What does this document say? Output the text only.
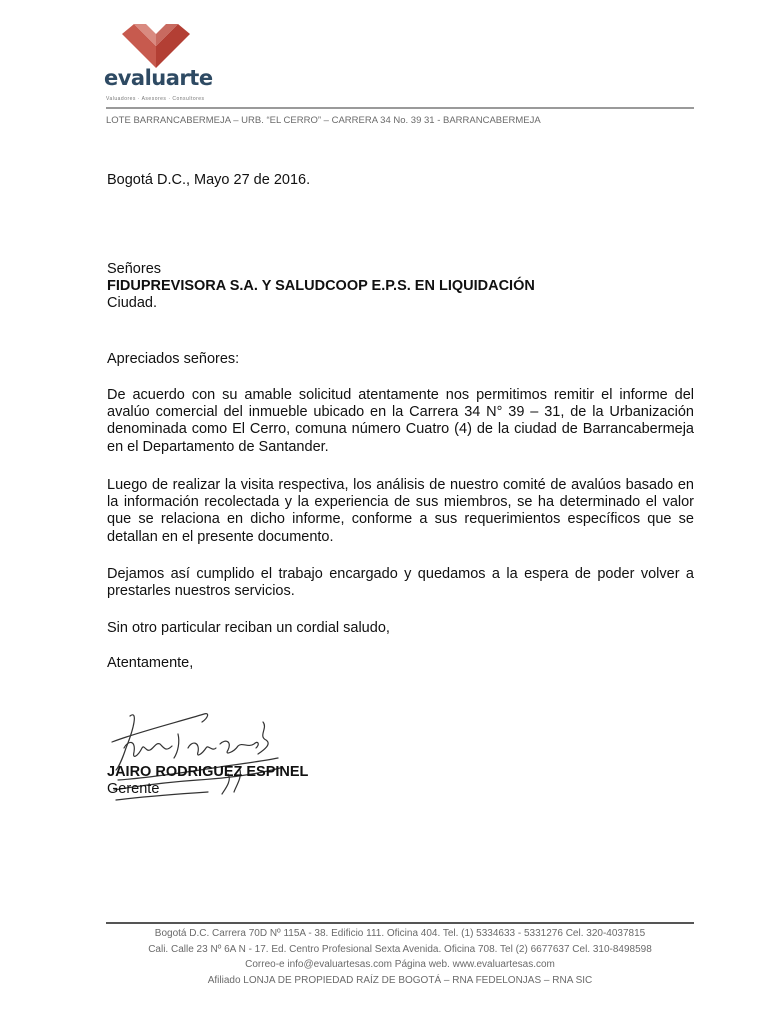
evaluarte
Valuadores · Asesores · Consultores
LOTE BARRANCABERMEJA – URB. “EL CERRO” – CARRERA 34 No. 39 31 - BARRANCABERMEJA
Bogotá D.C., Mayo 27 de 2016.
Señores
FIDUPREVISORA S.A. Y SALUDCOOP E.P.S. EN LIQUIDACIÓN
Ciudad.
Apreciados señores:

De acuerdo con su amable solicitud atentamente nos permitimos remitir el informe del avalúo comercial del inmueble ubicado en la Carrera 34 N° 39 – 31, de la Urbanización denominada como El Cerro, comuna número Cuatro (4) de la ciudad de Barrancabermeja en el Departamento de Santander.

Luego de realizar la visita respectiva, los análisis de nuestro comité de avalúos basado en la información recolectada y la experiencia de sus miembros, se ha determinado el valor que se relaciona en dicho informe, conforme a sus requerimientos específicos que se detallan en el presente documento.

Dejamos así cumplido el trabajo encargado y quedamos a la espera de poder volver a prestarles nuestros servicios.

Sin otro particular reciban un cordial saludo,
Atentamente,
JAIRO RODRIGUEZ ESPINEL
Gerente
Bogotá D.C. Carrera 70D Nº 115A - 38. Edificio 111. Oficina 404. Tel. (1) 5334633 - 5331276 Cel. 320-4037815
Cali. Calle 23 Nº 6A N - 17. Ed. Centro Profesional Sexta Avenida. Oficina 708. Tel (2) 6677637 Cel. 310-8498598
Correo-e info@evaluartesas.com Página web. www.evaluartesas.com
Afiliado LONJA DE PROPIEDAD RAÍZ DE BOGOTÁ – RNA FEDELONJAS – RNA SIC
